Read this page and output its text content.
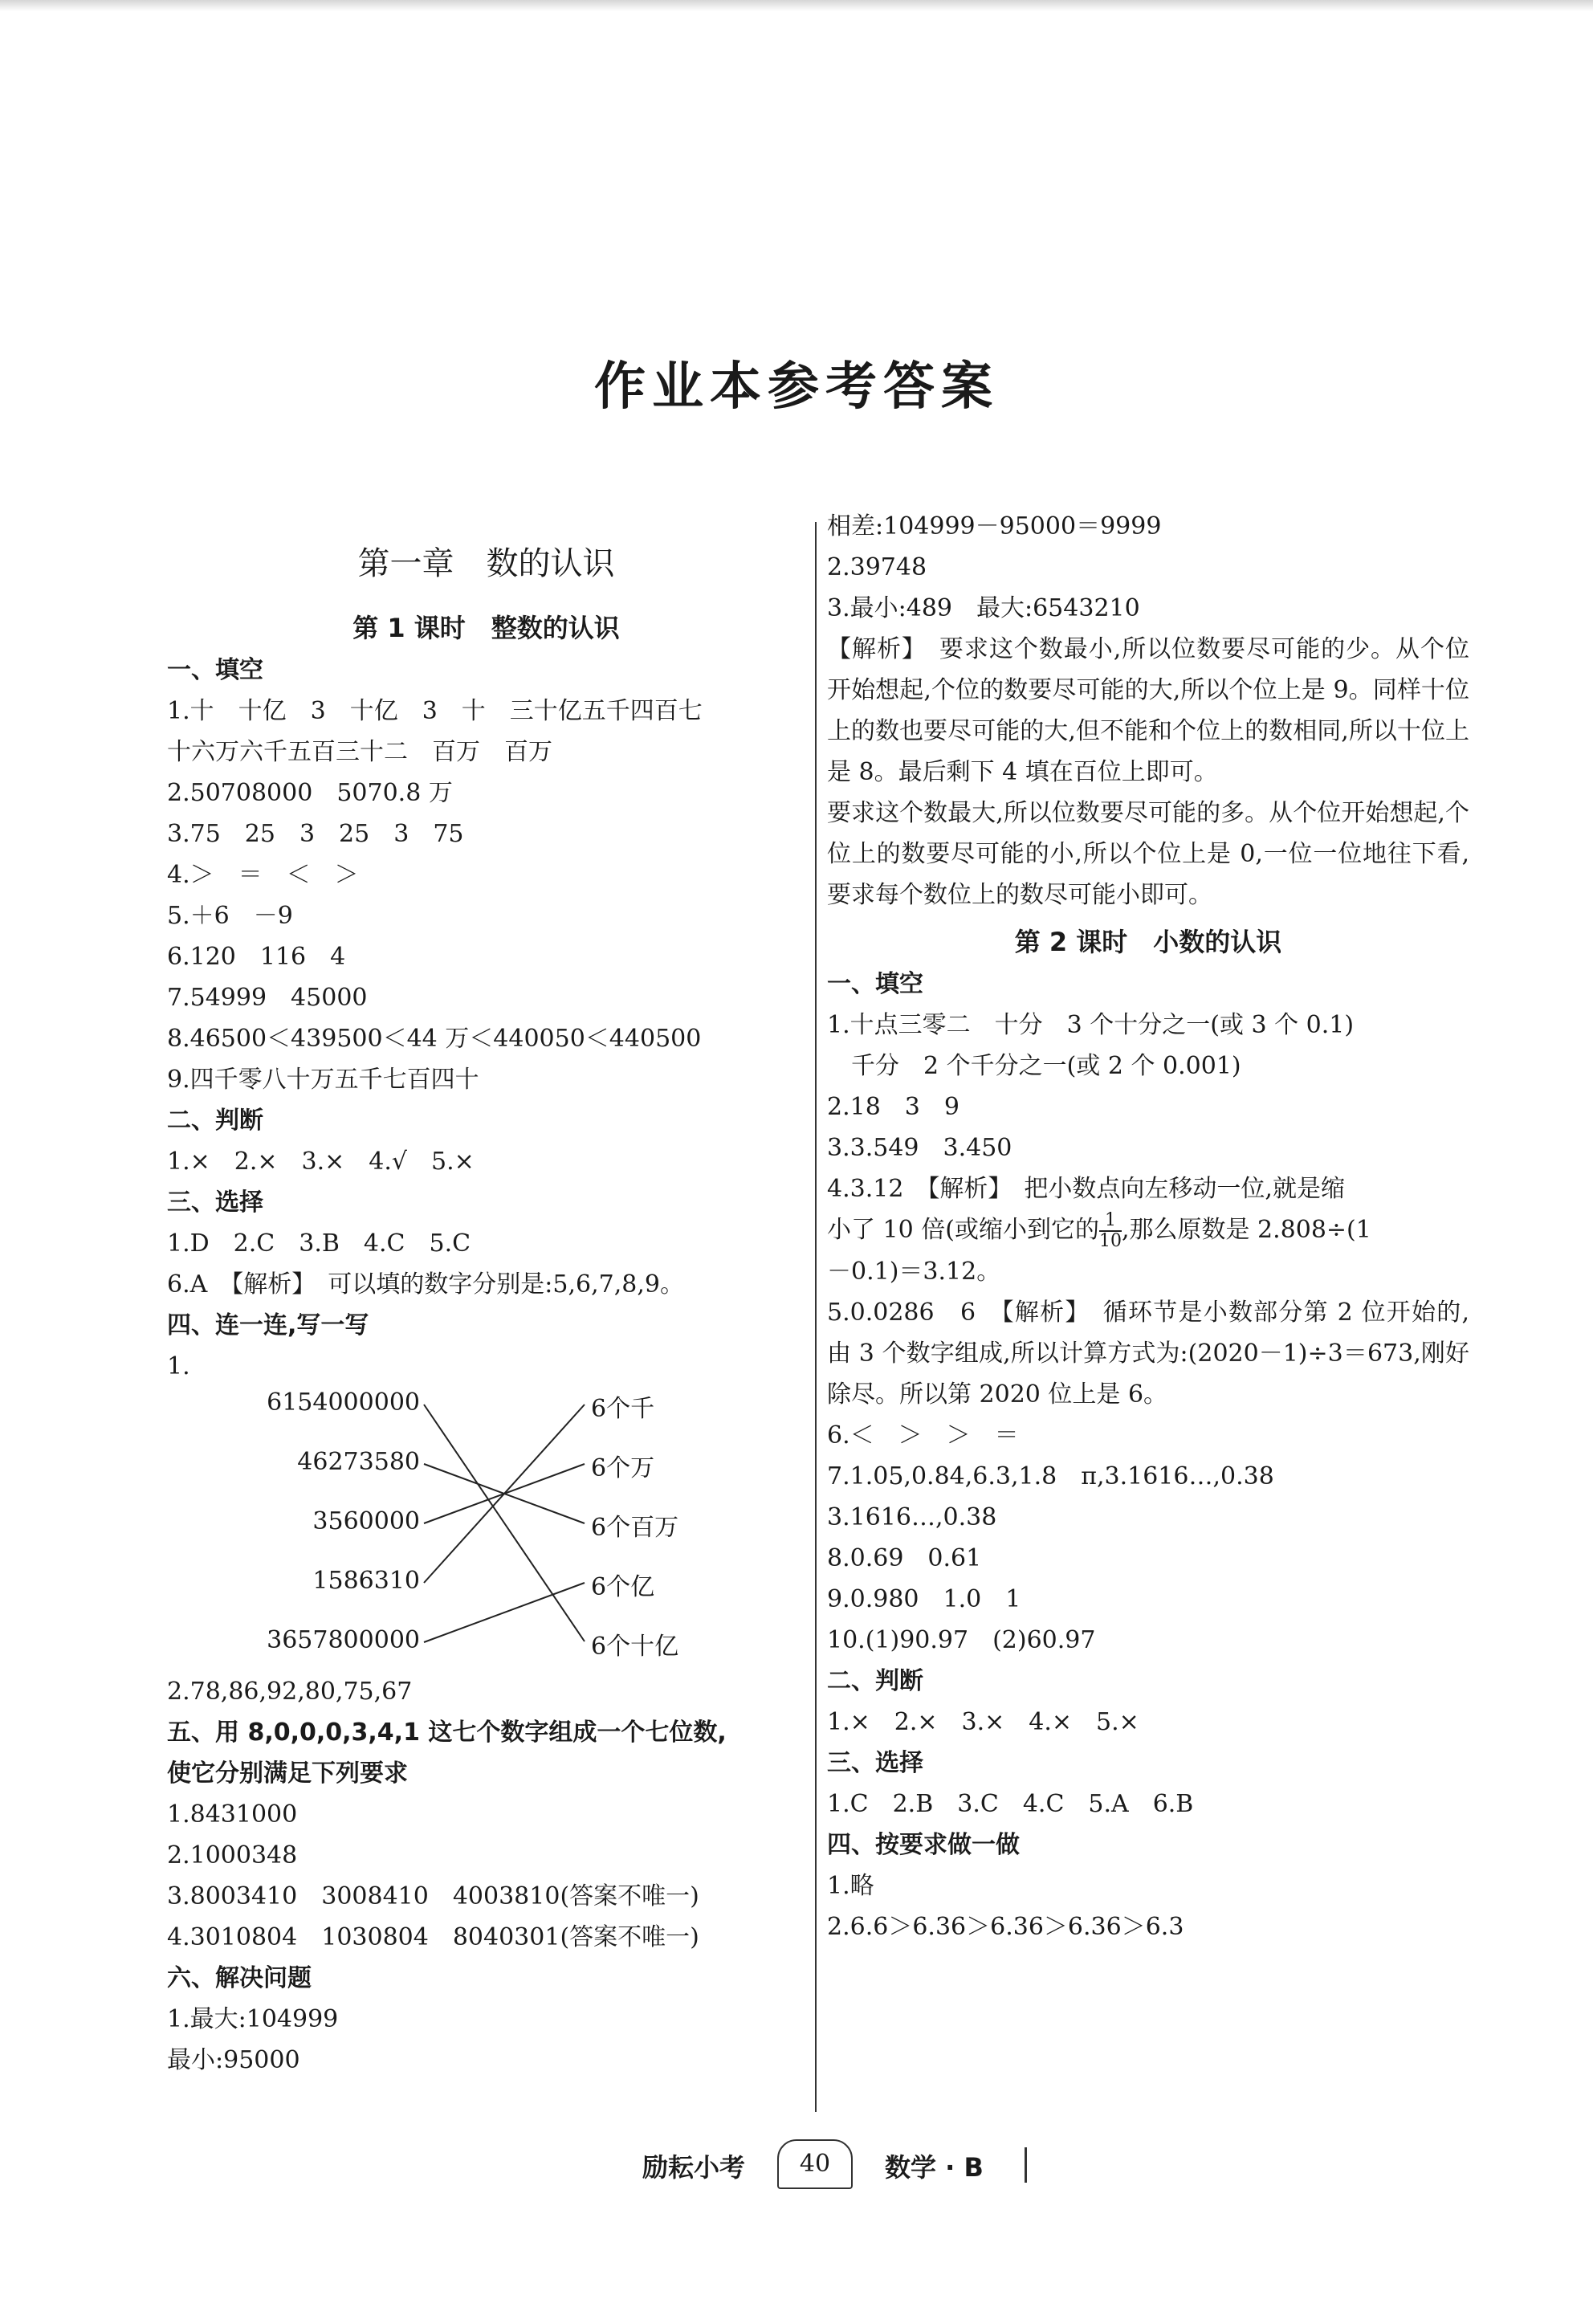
作业本参考答案
第一章　数的认识
第 1 课时　整数的认识
一、填空
1.十　十亿　3　十亿　3　十　三十亿五千四百七
十六万六千五百三十二　百万　百万
2.50708000　5070.8 万
3.75　25　3　25　3　75
4.＞　＝　＜　＞
5.＋6　－9
6.120　116　4
7.54999　45000
8.46500＜439500＜44 万＜440050＜440500
9.四千零八十万五千七百四十
二、判断
1.×　2.×　3.×　4.√　5.×
三、选择
1.D　2.C　3.B　4.C　5.C
6.A　【解析】　可以填的数字分别是:5,6,7,8,9。
四、连一连,写一写
1.
6154000000
46273580
3560000
1586310
3657800000
6个千
6个万
6个百万
6个亿
6个十亿
2.78,86,92,80,75,67
五、用 8,0,0,0,3,4,1 这七个数字组成一个七位数,
使它分别满足下列要求
1.8431000
2.1000348
3.8003410　3008410　4003810(答案不唯一)
4.3010804　1030804　8040301(答案不唯一)
六、解决问题
1.最大:104999
最小:95000
相差:104999－95000＝9999
2.39748
3.最小:489　最大:6543210
【解析】　要求这个数最小,所以位数要尽可能的少。从个位开始想起,个位的数要尽可能的大,所以个位上是 9。同样十位上的数也要尽可能的大,但不能和个位上的数相同,所以十位上是 8。最后剩下 4 填在百位上即可。
要求这个数最大,所以位数要尽可能的多。从个位开始想起,个位上的数要尽可能的小,所以个位上是 0,一位一位地往下看,要求每个数位上的数尽可能小即可。
第 2 课时　小数的认识
一、填空
1.十点三零二　十分　3 个十分之一(或 3 个 0.1)
　千分　2 个千分之一(或 2 个 0.001)
2.18　3　9
3.3.549　3.450
4.3.12　【解析】　把小数点向左移动一位,就是缩
小了 10 倍(或缩小到它的 $\frac{1}{10}$ ,那么原数是 2.808÷(1
－0.1)＝3.12。
5.0.0286　6　【解析】　循环节是小数部分第 2 位开始的,由 3 个数字组成,所以计算方式为:(2020－1)÷3＝673,刚好除尽。所以第 2020 位上是 6。
6.＜　＞　＞　＝
7.1.05,0.84,6.3,1.8　π,3.1616…,0.38
3.1616…,0.38
8.0.69　0.61
9.0.980　1.0　1
10.(1)90.97　(2)60.97
二、判断
1.×　2.×　3.×　4.×　5.×
三、选择
1.C　2.B　3.C　4.C　5.A　6.B
四、按要求做一做
1.略
2.6.6＞6.36＞6.36＞6.36＞6.3
励耘小考	40	数学 · B
